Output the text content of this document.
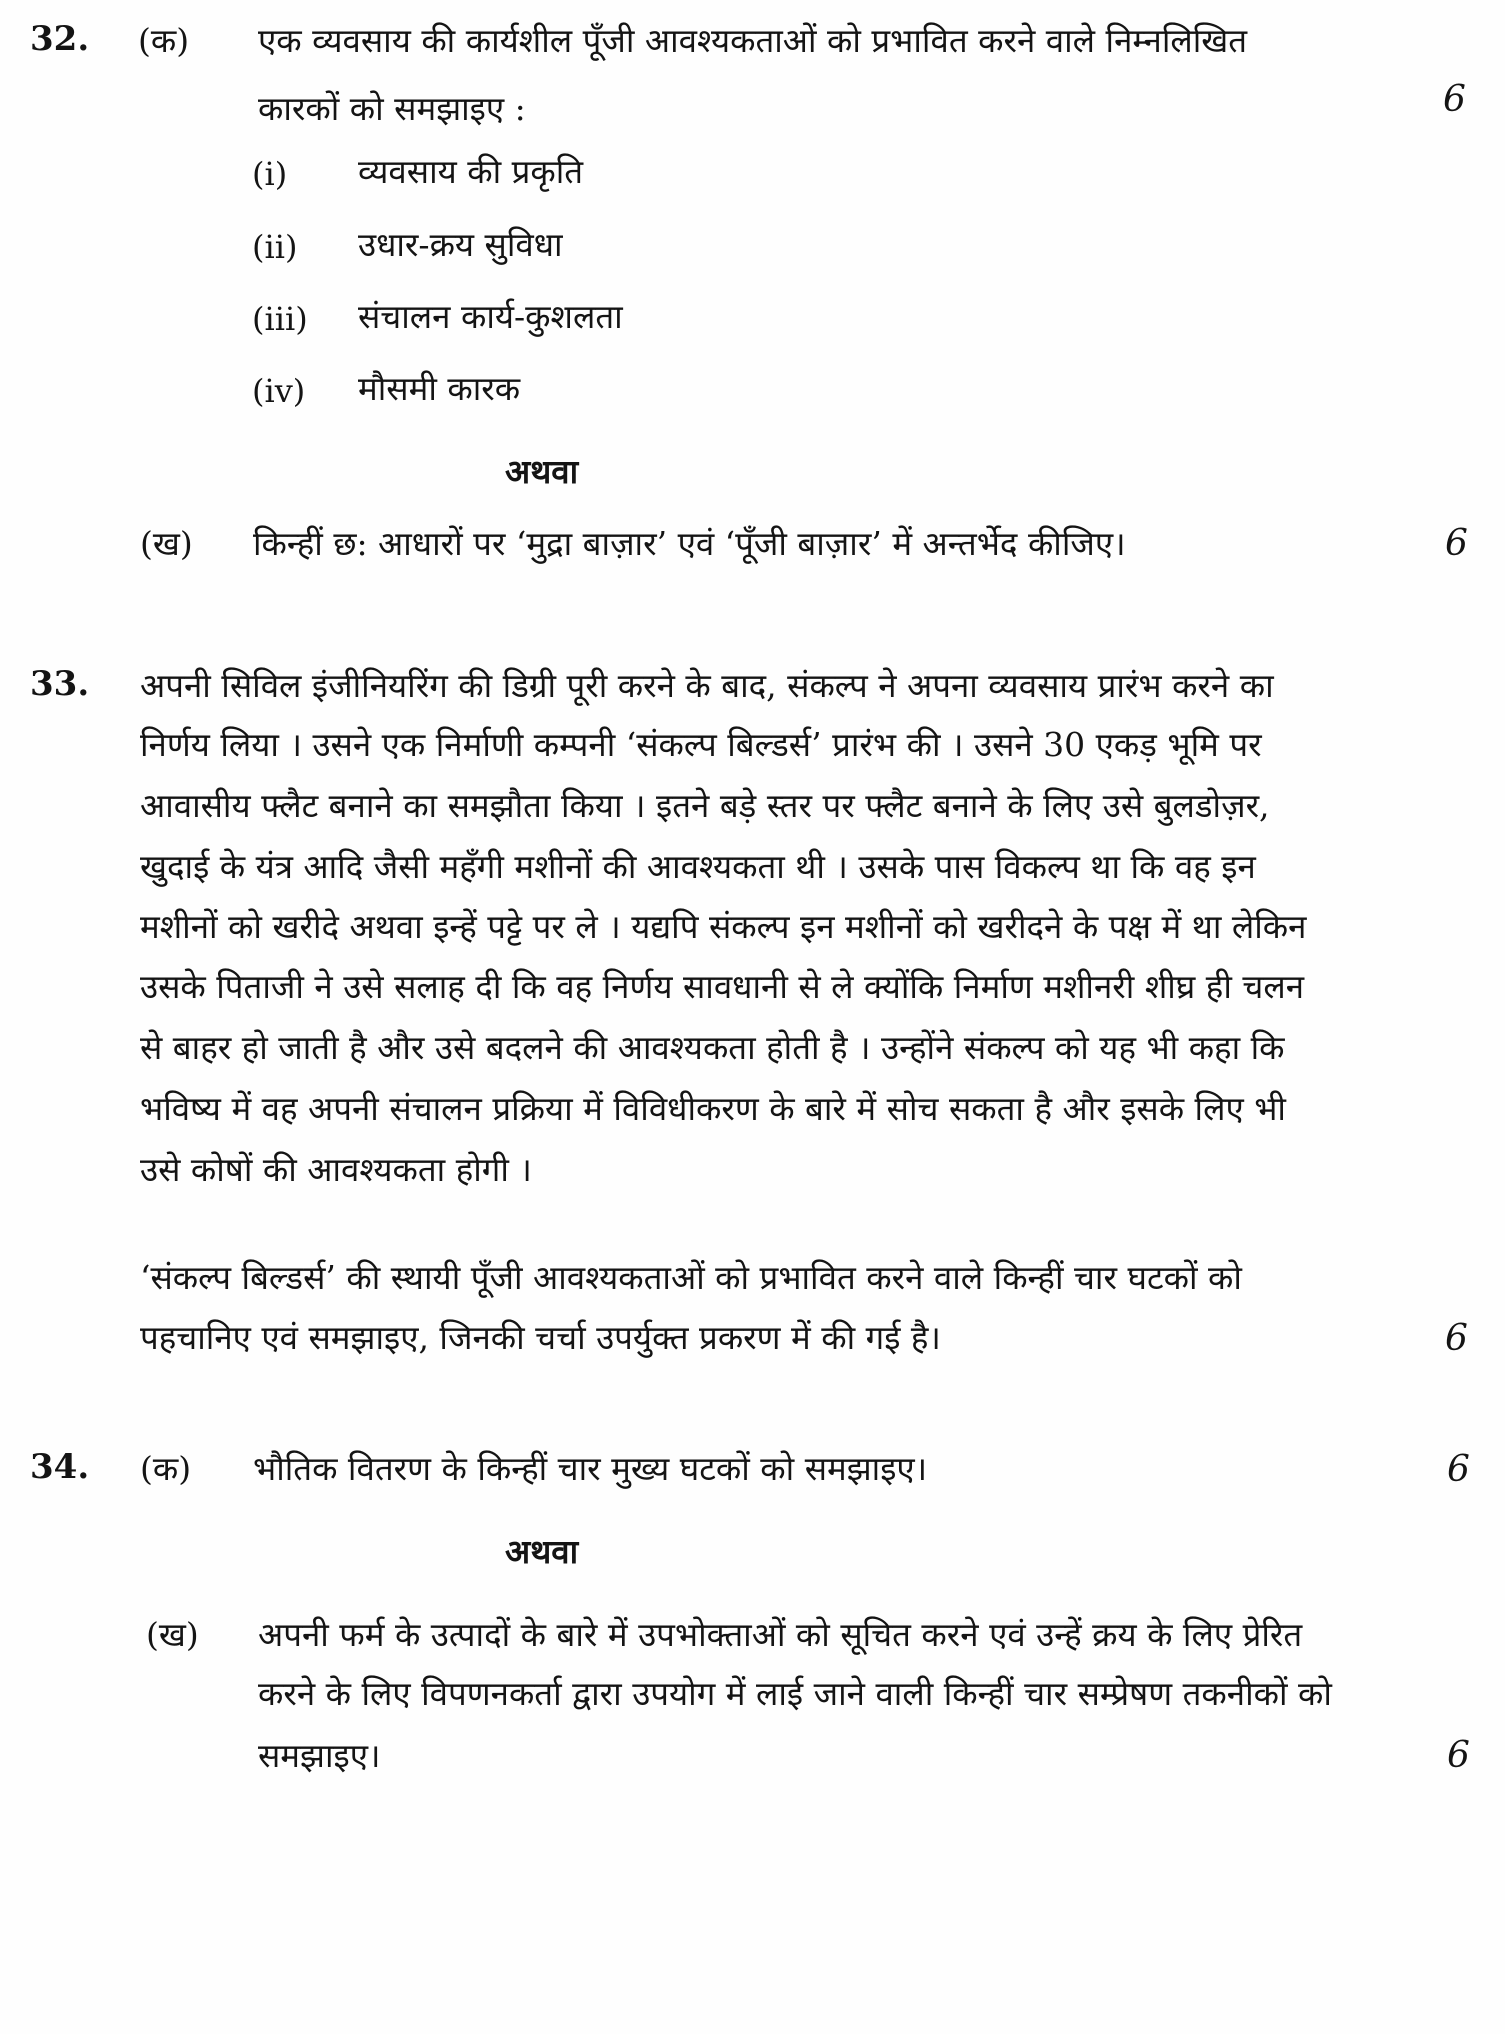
32. (क) एक व्यवसाय की कार्यशील पूँजी आवश्यकताओं को प्रभावित करने वाले निम्नलिखित
कारकों को समझाइए :	6
(i) व्यवसाय की प्रकृति
(ii) उधार-क्रय सुविधा
(iii) संचालन कार्य-कुशलता
(iv) मौसमी कारक
अथवा
(ख) किन्हीं छ: आधारों पर ‘मुद्रा बाज़ार’ एवं ‘पूँजी बाज़ार’ में अन्तर्भेद कीजिए।	6
33. अपनी सिविल इंजीनियरिंग की डिग्री पूरी करने के बाद, संकल्प ने अपना व्यवसाय प्रारंभ करने का
निर्णय लिया । उसने एक निर्माणी कम्पनी ‘संकल्प बिल्डर्स’ प्रारंभ की । उसने 30 एकड़ भूमि पर
आवासीय फ्लैट बनाने का समझौता किया । इतने बड़े स्तर पर फ्लैट बनाने के लिए उसे बुलडोज़र,
खुदाई के यंत्र आदि जैसी महँगी मशीनों की आवश्यकता थी । उसके पास विकल्प था कि वह इन
मशीनों को खरीदे अथवा इन्हें पट्टे पर ले । यद्यपि संकल्प इन मशीनों को खरीदने के पक्ष में था लेकिन
उसके पिताजी ने उसे सलाह दी कि वह निर्णय सावधानी से ले क्योंकि निर्माण मशीनरी शीघ्र ही चलन
से बाहर हो जाती है और उसे बदलने की आवश्यकता होती है । उन्होंने संकल्प को यह भी कहा कि
भविष्य में वह अपनी संचालन प्रक्रिया में विविधीकरण के बारे में सोच सकता है और इसके लिए भी
उसे कोषों की आवश्यकता होगी ।
‘संकल्प बिल्डर्स’ की स्थायी पूँजी आवश्यकताओं को प्रभावित करने वाले किन्हीं चार घटकों को
पहचानिए एवं समझाइए, जिनकी चर्चा उपर्युक्त प्रकरण में की गई है।	6
34. (क) भौतिक वितरण के किन्हीं चार मुख्य घटकों को समझाइए।	6
अथवा
(ख) अपनी फर्म के उत्पादों के बारे में उपभोक्ताओं को सूचित करने एवं उन्हें क्रय के लिए प्रेरित
करने के लिए विपणनकर्ता द्वारा उपयोग में लाई जाने वाली किन्हीं चार सम्प्रेषण तकनीकों को
समझाइए।	6
